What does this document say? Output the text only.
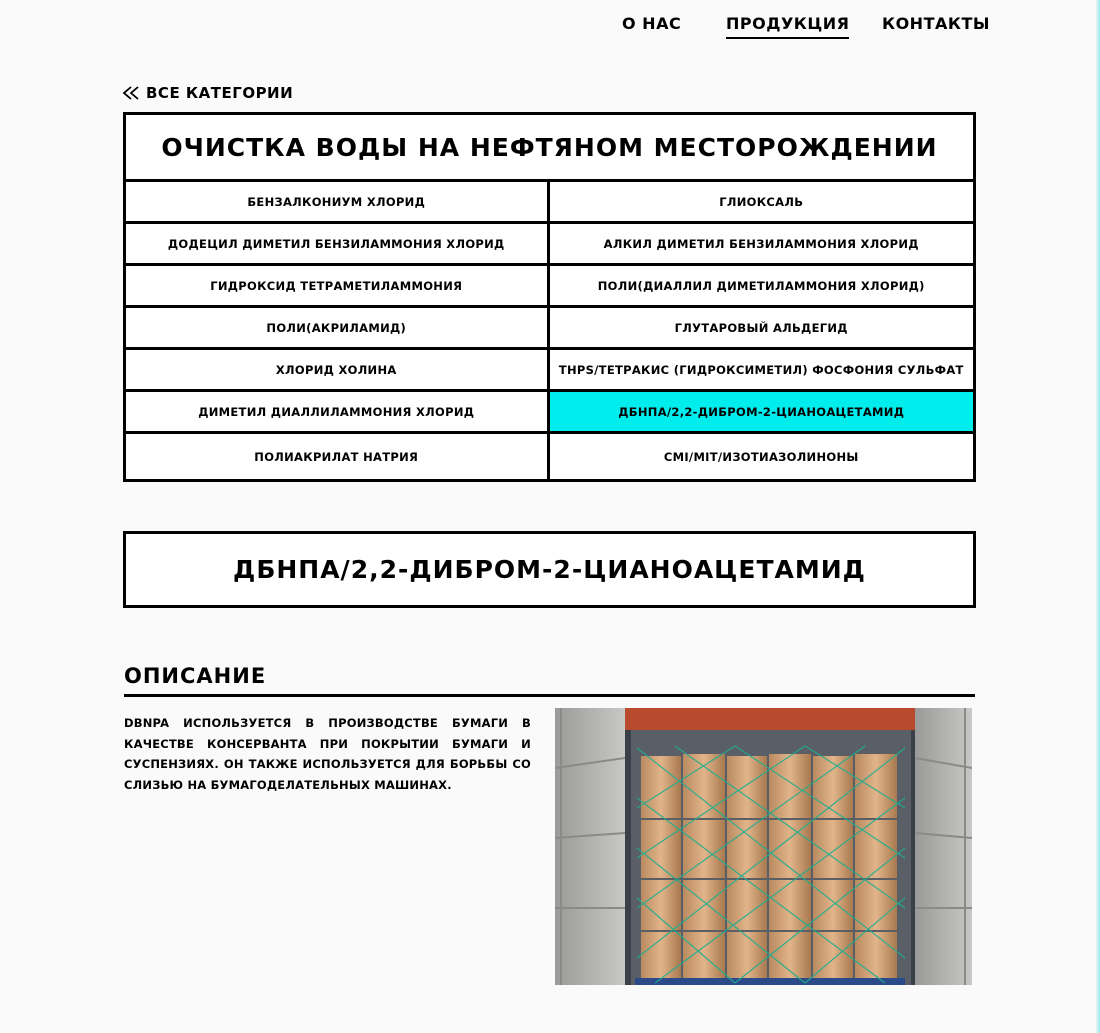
О НАС	ПРОДУКЦИЯ КОНТАКТЫ
ВСЕ КАТЕГОРИИ
ОЧИСТКА ВОДЫ НА НЕФТЯНОМ МЕСТОРОЖДЕНИИ
БЕНЗАЛКОНИУМ ХЛОРИД	ГЛИОКСАЛЬ
ДОДЕЦИЛ ДИМЕТИЛ БЕНЗИЛАММОНИЯ ХЛОРИД	АЛКИЛ ДИМЕТИЛ БЕНЗИЛАММОНИЯ ХЛОРИД
ГИДРОКСИД ТЕТРАМЕТИЛАММОНИЯ	ПОЛИ(ДИАЛЛИЛ ДИМЕТИЛАММОНИЯ ХЛОРИД)
ПОЛИ(АКРИЛАМИД)	ГЛУТАРОВЫЙ АЛЬДЕГИД
ХЛОРИД ХОЛИНА	THPS/ТЕТРАКИС (ГИДРОКСИМЕТИЛ) ФОСФОНИЯ СУЛЬФАТ
ДИМЕТИЛ ДИАЛЛИЛАММОНИЯ ХЛОРИД	ДБНПА/2,2-ДИБРОМ-2-ЦИАНОАЦЕТАМИД
ПОЛИАКРИЛАТ НАТРИЯ	CMI/MIT/ИЗОТИАЗОЛИНОНЫ
ДБНПА/2,2-ДИБРОМ-2-ЦИАНОАЦЕТАМИД
ОПИСАНИЕ

DBNPA ИСПОЛЬЗУЕТСЯ В ПРОИЗВОДСТВЕ БУМАГИ В КАЧЕСТВЕ КОНСЕРВАНТА ПРИ ПОКРЫТИИ БУМАГИ И СУСПЕНЗИЯХ. ОН ТАКЖЕ ИСПОЛЬЗУЕТСЯ ДЛЯ БОРЬБЫ СО СЛИЗЬЮ НА БУМАГОДЕЛАТЕЛЬНЫХ МАШИНАХ.
